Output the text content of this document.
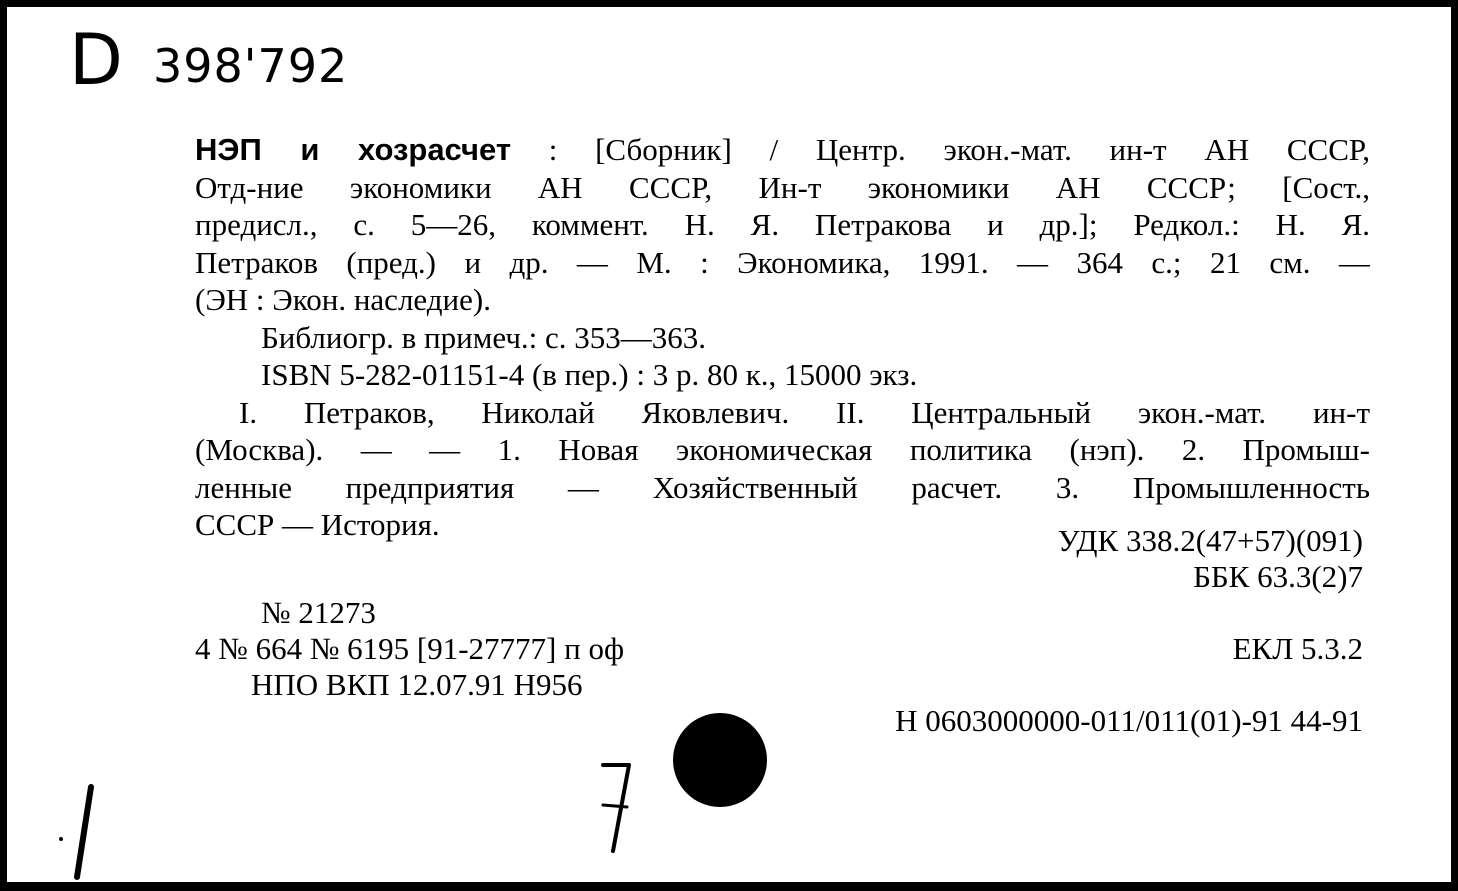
D 398'792
НЭП и хозрасчет : [Сборник] / Центр. экон.-мат. ин-т АН СССР,
Отд-ние экономики АН СССР, Ин-т экономики АН СССР; [Сост.,
предисл., с. 5—26, коммент. Н. Я. Петракова и др.]; Редкол.: Н. Я.
Петраков (пред.) и др. — М. : Экономика, 1991. — 364 с.; 21 см. —
(ЭН : Экон. наследие).
Библиогр. в примеч.: с. 353—363.
ISBN 5-282-01151-4 (в пер.) : 3 р. 80 к., 15000 экз.
I. Петраков, Николай Яковлевич. II. Центральный экон.-мат. ин-т
(Москва). — — 1. Новая экономическая политика (нэп). 2. Промыш-
ленные предприятия — Хозяйственный расчет. 3. Промышленность
СССР — История.	УДК 338.2(47+57)(091)
ББК 63.3(2)7
№ 21273
4 № 664 № 6195 [91-27777] п оф
НПО ВКП 12.07.91 Н956
ЕКЛ 5.3.2
Н 0603000000-011/011(01)-91 44-91
